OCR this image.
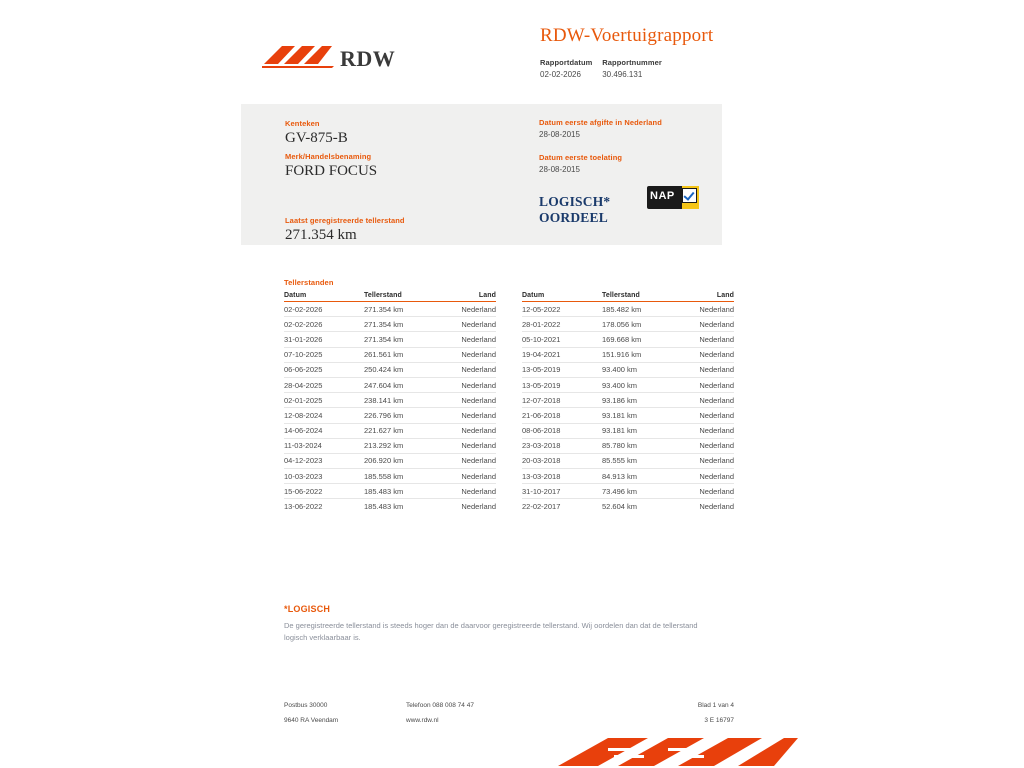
RDW
RDW-Voertuigrapport
Rapportdatum
02-02-2026

Rapportnummer
30.496.131
Kenteken
GV-875-B
Merk/Handelsbenaming
FORD FOCUS
Laatst geregistreerde tellerstand
271.354 km
Datum eerste afgifte in Nederland
28-08-2015
Datum eerste toelating
28-08-2015
LOGISCH*
OORDEEL
NAP
Tellerstanden
Datum	Tellerstand	Land
02-02-2026	271.354 km	Nederland
02-02-2026	271.354 km	Nederland
31-01-2026	271.354 km	Nederland
07-10-2025	261.561 km	Nederland
06-06-2025	250.424 km	Nederland
28-04-2025	247.604 km	Nederland
02-01-2025	238.141 km	Nederland
12-08-2024	226.796 km	Nederland
14-06-2024	221.627 km	Nederland
11-03-2024	213.292 km	Nederland
04-12-2023	206.920 km	Nederland
10-03-2023	185.558 km	Nederland
15-06-2022	185.483 km	Nederland
13-06-2022	185.483 km	Nederland
Datum	Tellerstand	Land
12-05-2022	185.482 km	Nederland
28-01-2022	178.056 km	Nederland
05-10-2021	169.668 km	Nederland
19-04-2021	151.916 km	Nederland
13-05-2019	93.400 km	Nederland
13-05-2019	93.400 km	Nederland
12-07-2018	93.186 km	Nederland
21-06-2018	93.181 km	Nederland
08-06-2018	93.181 km	Nederland
23-03-2018	85.780 km	Nederland
20-03-2018	85.555 km	Nederland
13-03-2018	84.913 km	Nederland
31-10-2017	73.496 km	Nederland
22-02-2017	52.604 km	Nederland
*LOGISCH
De geregistreerde tellerstand is steeds hoger dan de daarvoor geregistreerde tellerstand. Wij oordelen dan dat de tellerstand logisch verklaarbaar is.
Postbus 30000
9640 RA Veendam
Telefoon 088 008 74 47
www.rdw.nl
Blad 1 van 4
3 E 16797
